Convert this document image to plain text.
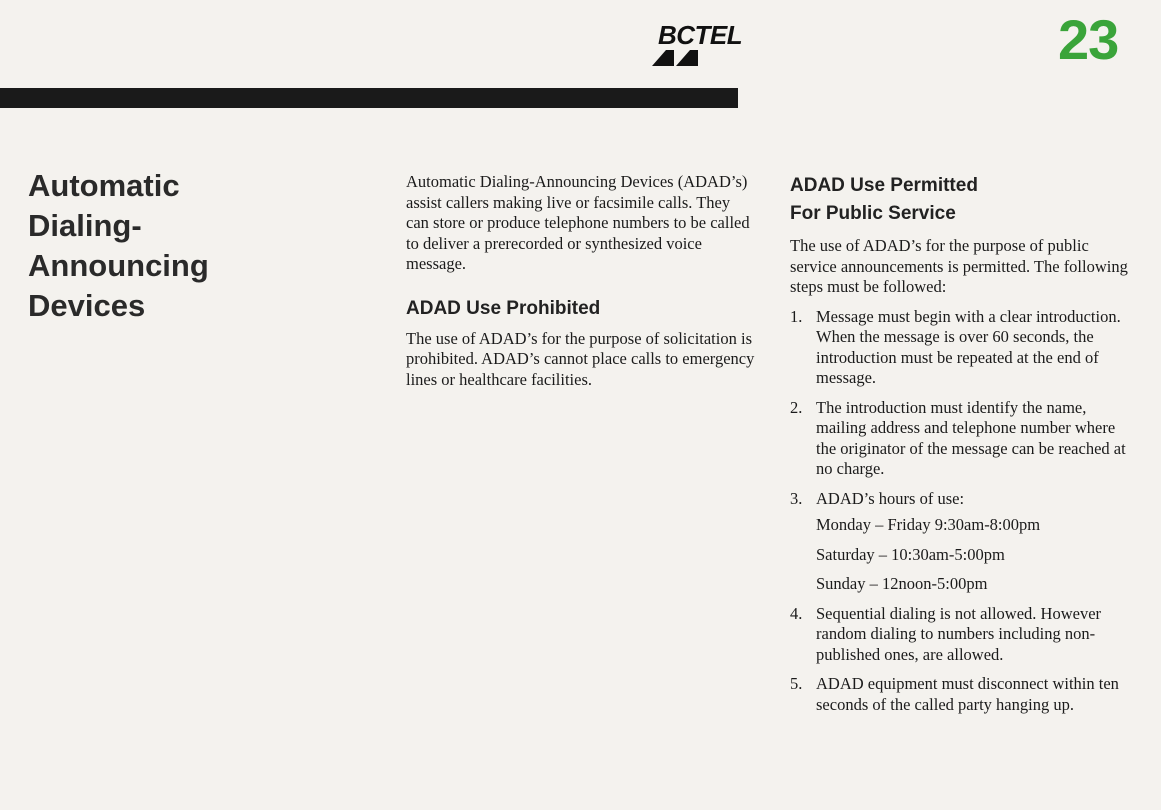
BCTEL	23
Automatic
Dialing-
Announcing
Devices

Automatic Dialing-Announcing Devices (ADAD’s) assist callers making live or facsimile calls. They can store or produce telephone numbers to be called to deliver a prerecorded or synthesized voice message.

ADAD Use Prohibited

The use of ADAD’s for the purpose of solicitation is prohibited. ADAD’s cannot place calls to emergency lines or healthcare facilities.

ADAD Use Permitted
For Public Service

The use of ADAD’s for the purpose of public service announcements is permitted. The following steps must be followed:

1. Message must begin with a clear introduction. When the message is over 60 seconds, the introduction must be repeated at the end of message.
2. The introduction must identify the name, mailing address and telephone number where the originator of the message can be reached at no charge.
3. ADAD’s hours of use:
Monday – Friday 9:30am-8:00pm
Saturday – 10:30am-5:00pm
Sunday – 12noon-5:00pm
4. Sequential dialing is not allowed. However random dialing to numbers including non-published ones, are allowed.
5. ADAD equipment must disconnect within ten seconds of the called party hanging up.
